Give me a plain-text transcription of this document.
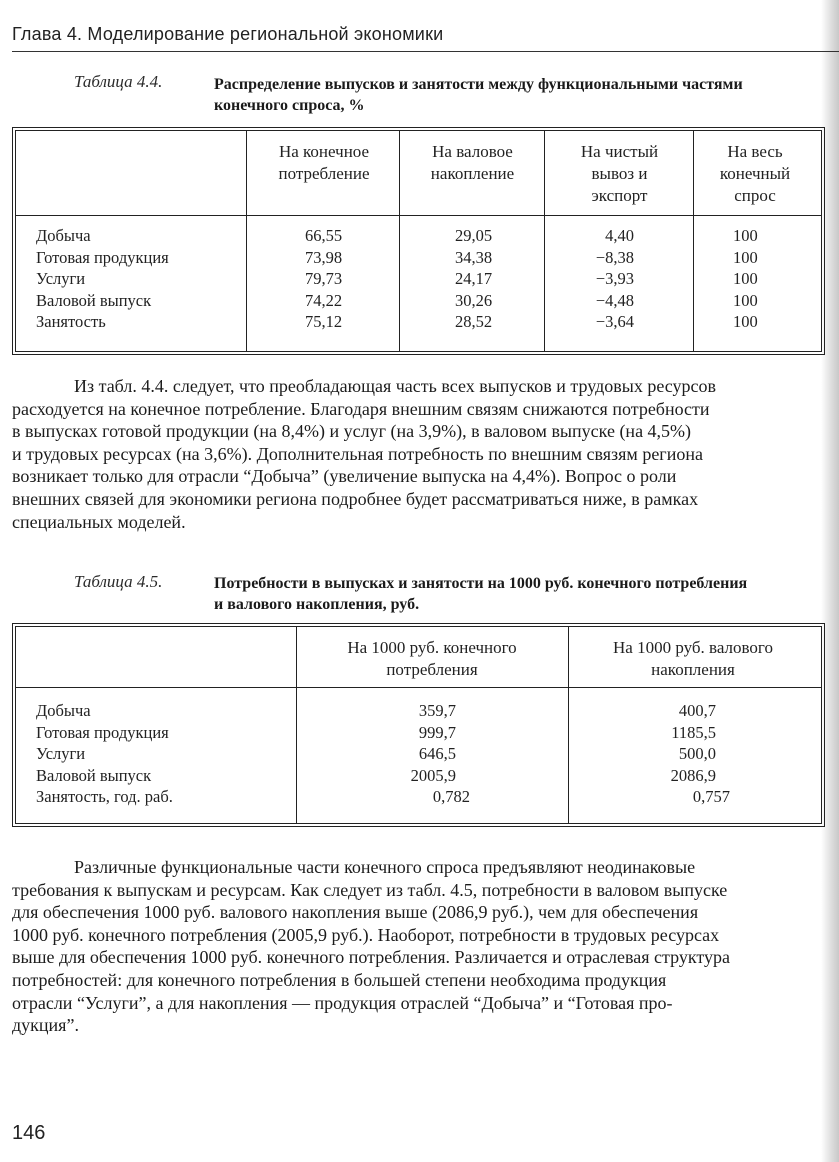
Глава 4. Моделирование региональной экономики
Таблица 4.4.	Распределение выпусков и занятости между функциональными частями
конечного спроса, %
На конечное
потребление
На валовое
накопление
На чистый
вывоз и
экспорт
На весь
конечный
спрос
Добыча
Готовая продукция
Услуги
Валовой выпуск
Занятость
66,55
73,98
79,73
74,22
75,12
29,05
34,38
24,17
30,26
28,52
4,40
−8,38
−3,93
−4,48
−3,64
100
100
100
100
100
Из табл. 4.4. следует, что преобладающая часть всех выпусков и трудовых ресурсов
расходуется на конечное потребление. Благодаря внешним связям снижаются потребности
в выпусках готовой продукции (на 8,4%) и услуг (на 3,9%), в валовом выпуске (на 4,5%)
и трудовых ресурсах (на 3,6%). Дополнительная потребность по внешним связям региона
возникает только для отрасли “Добыча” (увеличение выпуска на 4,4%). Вопрос о роли
внешних связей для экономики региона подробнее будет рассматриваться ниже, в рамках
специальных моделей.
Таблица 4.5.	Потребности в выпусках и занятости на 1000 руб. конечного потребления
и валового накопления, руб.
На 1000 руб. конечного
потребления
На 1000 руб. валового
накопления
Добыча
Готовая продукция
Услуги
Валовой выпуск
Занятость, год. раб.
359,7
999,7
646,5
2005,9
0,782
400,7
1185,5
500,0
2086,9
0,757
Различные функциональные части конечного спроса предъявляют неодинаковые
требования к выпускам и ресурсам. Как следует из табл. 4.5, потребности в валовом выпуске
для обеспечения 1000 руб. валового накопления выше (2086,9 руб.), чем для обеспечения
1000 руб. конечного потребления (2005,9 руб.). Наоборот, потребности в трудовых ресурсах
выше для обеспечения 1000 руб. конечного потребления. Различается и отраслевая структура
потребностей: для конечного потребления в большей степени необходима продукция
отрасли “Услуги”, а для накопления — продукция отраслей “Добыча” и “Готовая про-
дукция”.
146
